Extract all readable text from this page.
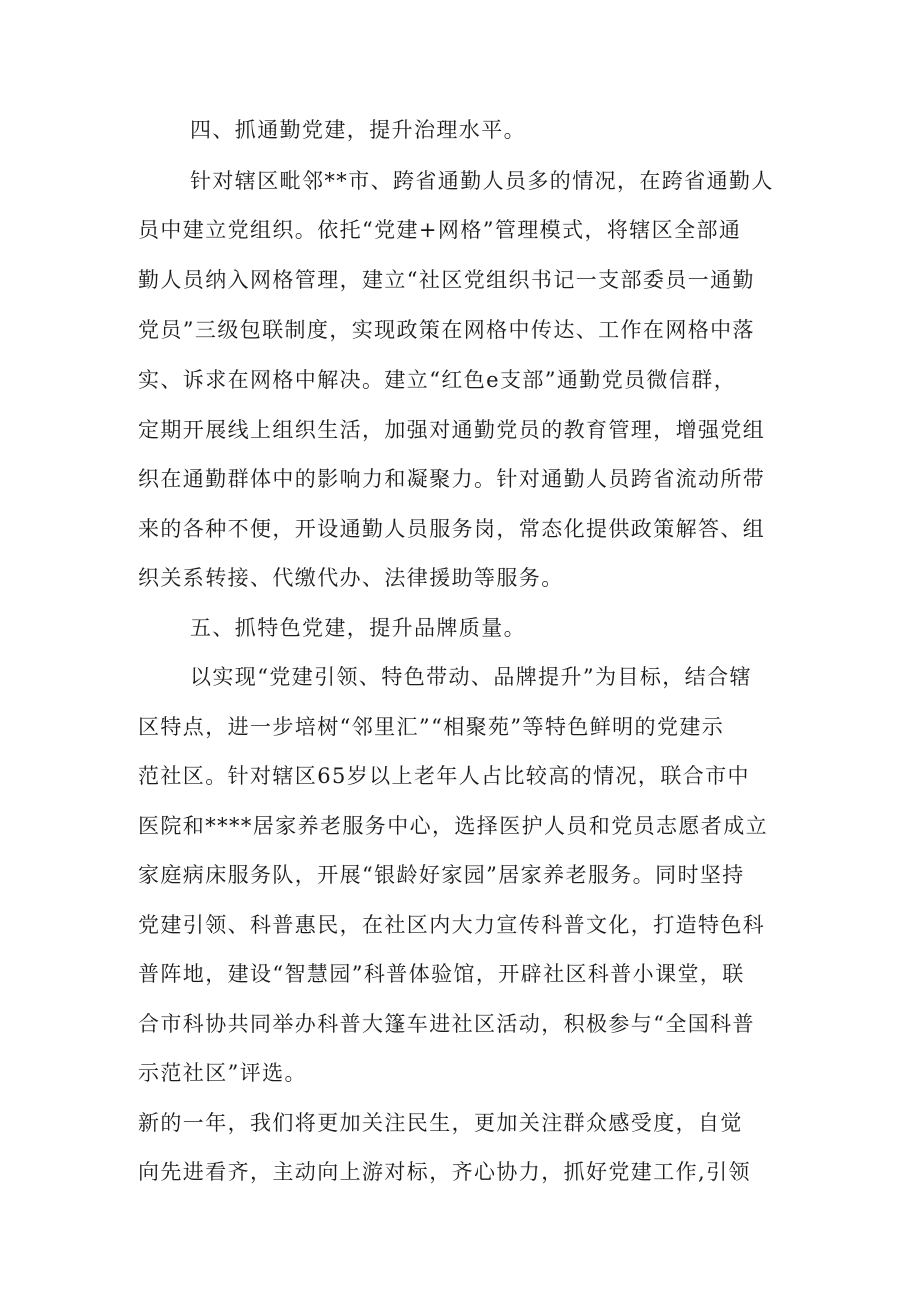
四、抓通勤党建，提升治理水平。
针对辖区毗邻**市、跨省通勤人员多的情况，在跨省通勤人
员中建立党组织。依托“党建+网格”管理模式，将辖区全部通
勤人员纳入网格管理，建立“社区党组织书记一支部委员一通勤
党员”三级包联制度，实现政策在网格中传达、工作在网格中落
实、诉求在网格中解决。建立“红色e支部”通勤党员微信群，
定期开展线上组织生活，加强对通勤党员的教育管理，增强党组
织在通勤群体中的影响力和凝聚力。针对通勤人员跨省流动所带
来的各种不便，开设通勤人员服务岗，常态化提供政策解答、组
织关系转接、代缴代办、法律援助等服务。
五、抓特色党建，提升品牌质量。
以实现“党建引领、特色带动、品牌提升”为目标，结合辖
区特点，进一步培树“邻里汇”“相聚苑”等特色鲜明的党建示
范社区。针对辖区65岁以上老年人占比较高的情况，联合市中
医院和****居家养老服务中心，选择医护人员和党员志愿者成立
家庭病床服务队，开展“银龄好家园”居家养老服务。同时坚持
党建引领、科普惠民，在社区内大力宣传科普文化，打造特色科
普阵地，建设“智慧园”科普体验馆，开辟社区科普小课堂，联
合市科协共同举办科普大篷车进社区活动，积极参与“全国科普
示范社区”评选。
新的一年，我们将更加关注民生，更加关注群众感受度，自觉
向先进看齐，主动向上游对标，齐心协力，抓好党建工作,引领
